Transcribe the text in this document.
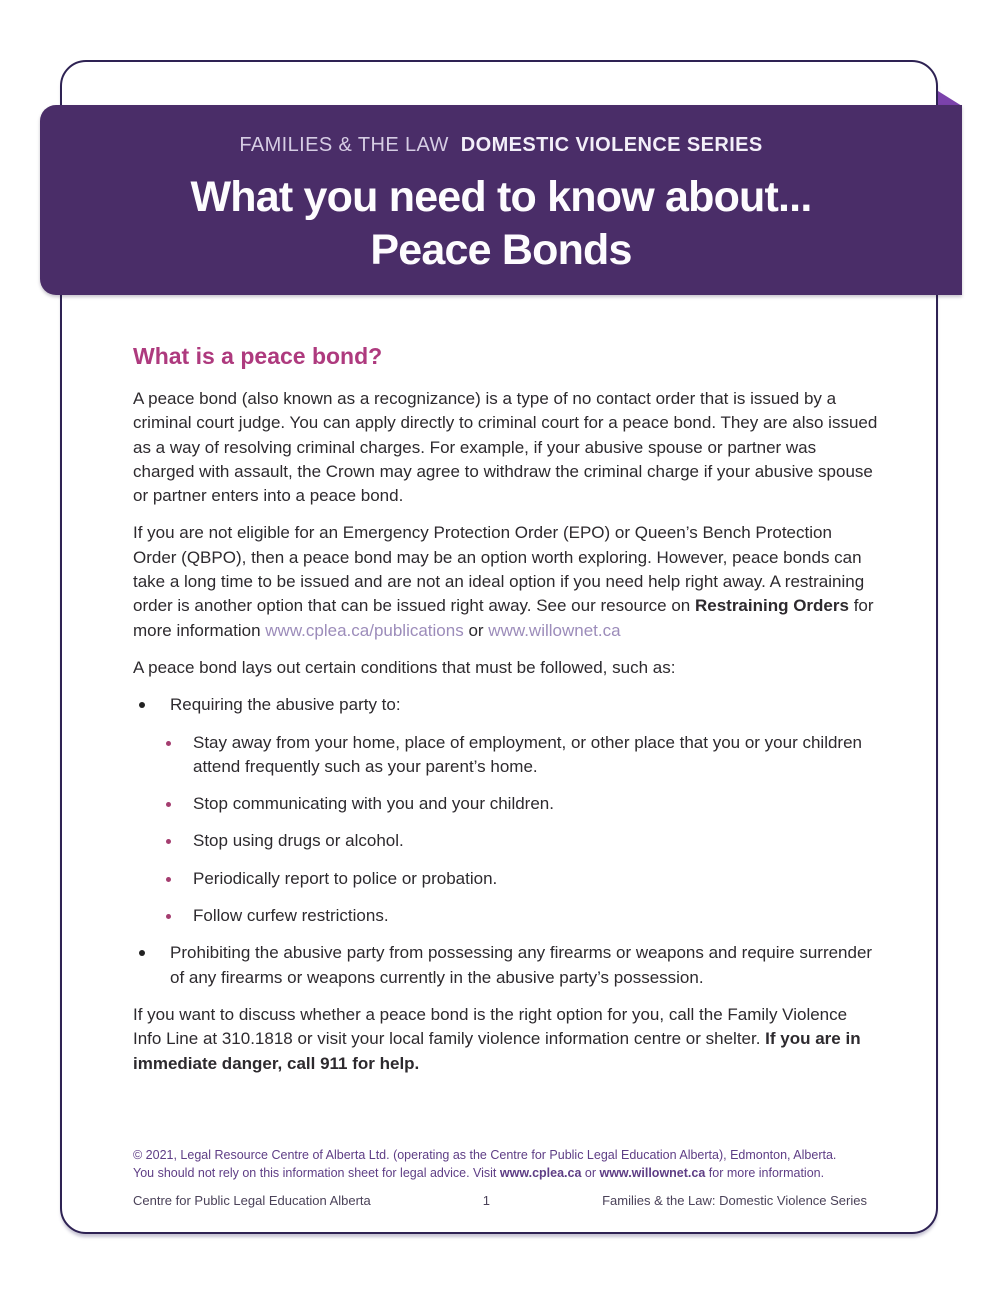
FAMILIES & THE LAW DOMESTIC VIOLENCE SERIES
What you need to know about...
Peace Bonds
What is a peace bond?

A peace bond (also known as a recognizance) is a type of no contact order that is issued by a criminal court judge. You can apply directly to criminal court for a peace bond. They are also issued as a way of resolving criminal charges. For example, if your abusive spouse or partner was charged with assault, the Crown may agree to withdraw the criminal charge if your abusive spouse or partner enters into a peace bond.

If you are not eligible for an Emergency Protection Order (EPO) or Queen’s Bench Protection Order (QBPO), then a peace bond may be an option worth exploring. However, peace bonds can take a long time to be issued and are not an ideal option if you need help right away. A restraining order is another option that can be issued right away. See our resource on Restraining Orders for more information www.cplea.ca/publications or www.willownet.ca

A peace bond lays out certain conditions that must be followed, such as:

Requiring the abusive party to:
Stay away from your home, place of employment, or other place that you or your children attend frequently such as your parent’s home.
Stop communicating with you and your children.
Stop using drugs or alcohol.
Periodically report to police or probation.
Follow curfew restrictions.
Prohibiting the abusive party from possessing any firearms or weapons and require surrender of any firearms or weapons currently in the abusive party’s possession.

If you want to discuss whether a peace bond is the right option for you, call the Family Violence Info Line at 310.1818 or visit your local family violence information centre or shelter. If you are in immediate danger, call 911 for help.

© 2021, Legal Resource Centre of Alberta Ltd. (operating as the Centre for Public Legal Education Alberta), Edmonton, Alberta.
You should not rely on this information sheet for legal advice. Visit www.cplea.ca or www.willownet.ca for more information.
Centre for Public Legal Education Alberta	1	Families & the Law: Domestic Violence Series
